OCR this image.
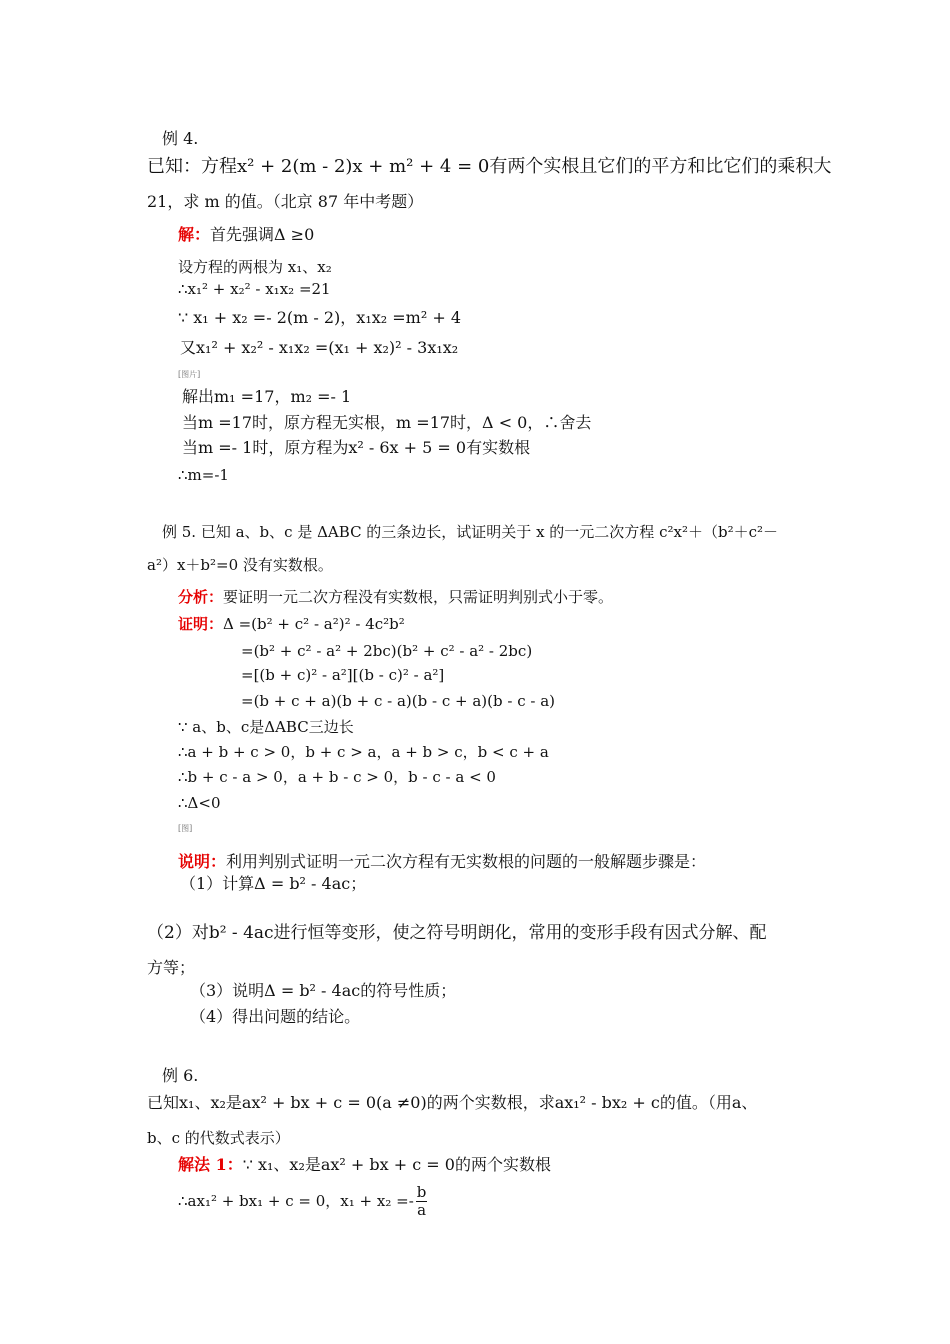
例 4.
已知：方程x² + 2(m - 2)x + m² + 4 = 0有两个实根且它们的平方和比它们的乘积大
21，求 m 的值。（北京 87 年中考题）
解：首先强调Δ ≥0
设方程的两根为 x₁、x₂
∴x₁² + x₂² - x₁x₂ =21
∵ x₁ + x₂ =- 2(m - 2)，x₁x₂ =m² + 4
又x₁² + x₂² - x₁x₂ =(x₁ + x₂)² - 3x₁x₂
[图片]
解出m₁ =17，m₂ =- 1
当m =17时，原方程无实根，m =17时，Δ < 0，∴舍去
当m =- 1时，原方程为x² - 6x + 5 = 0有实数根
∴m=-1
例 5. 已知 a、b、c 是 ΔABC 的三条边长，试证明关于 x 的一元二次方程 c²x²＋（b²＋c²－
a²）x＋b²=0 没有实数根。
分析：要证明一元二次方程没有实数根，只需证明判别式小于零。
证明：Δ =(b² + c² - a²)² - 4c²b²
=(b² + c² - a² + 2bc)(b² + c² - a² - 2bc)
=[(b + c)² - a²][(b - c)² - a²]
=(b + c + a)(b + c - a)(b - c + a)(b - c - a)
∵ a、b、c是ΔABC三边长
∴a + b + c > 0，b + c > a，a + b > c，b < c + a
∴b + c - a > 0，a + b - c > 0，b - c - a < 0
∴Δ<0
[图]
说明：利用判别式证明一元二次方程有无实数根的问题的一般解题步骤是：
（1）计算Δ = b² - 4ac；
（2）对b² - 4ac进行恒等变形，使之符号明朗化，常用的变形手段有因式分解、配
方等；
（3）说明Δ = b² - 4ac的符号性质；
（4）得出问题的结论。
例 6.
已知x₁、x₂是ax² + bx + c = 0(a ≠0)的两个实数根，求ax₁² - bx₂ + c的值。（用a、
b、c 的代数式表示）
解法 1：∵ x₁、x₂是ax² + bx + c = 0的两个实数根
∴ax₁² + bx₁ + c = 0，$x_1 + x_2 =- \frac{b}{a}$
